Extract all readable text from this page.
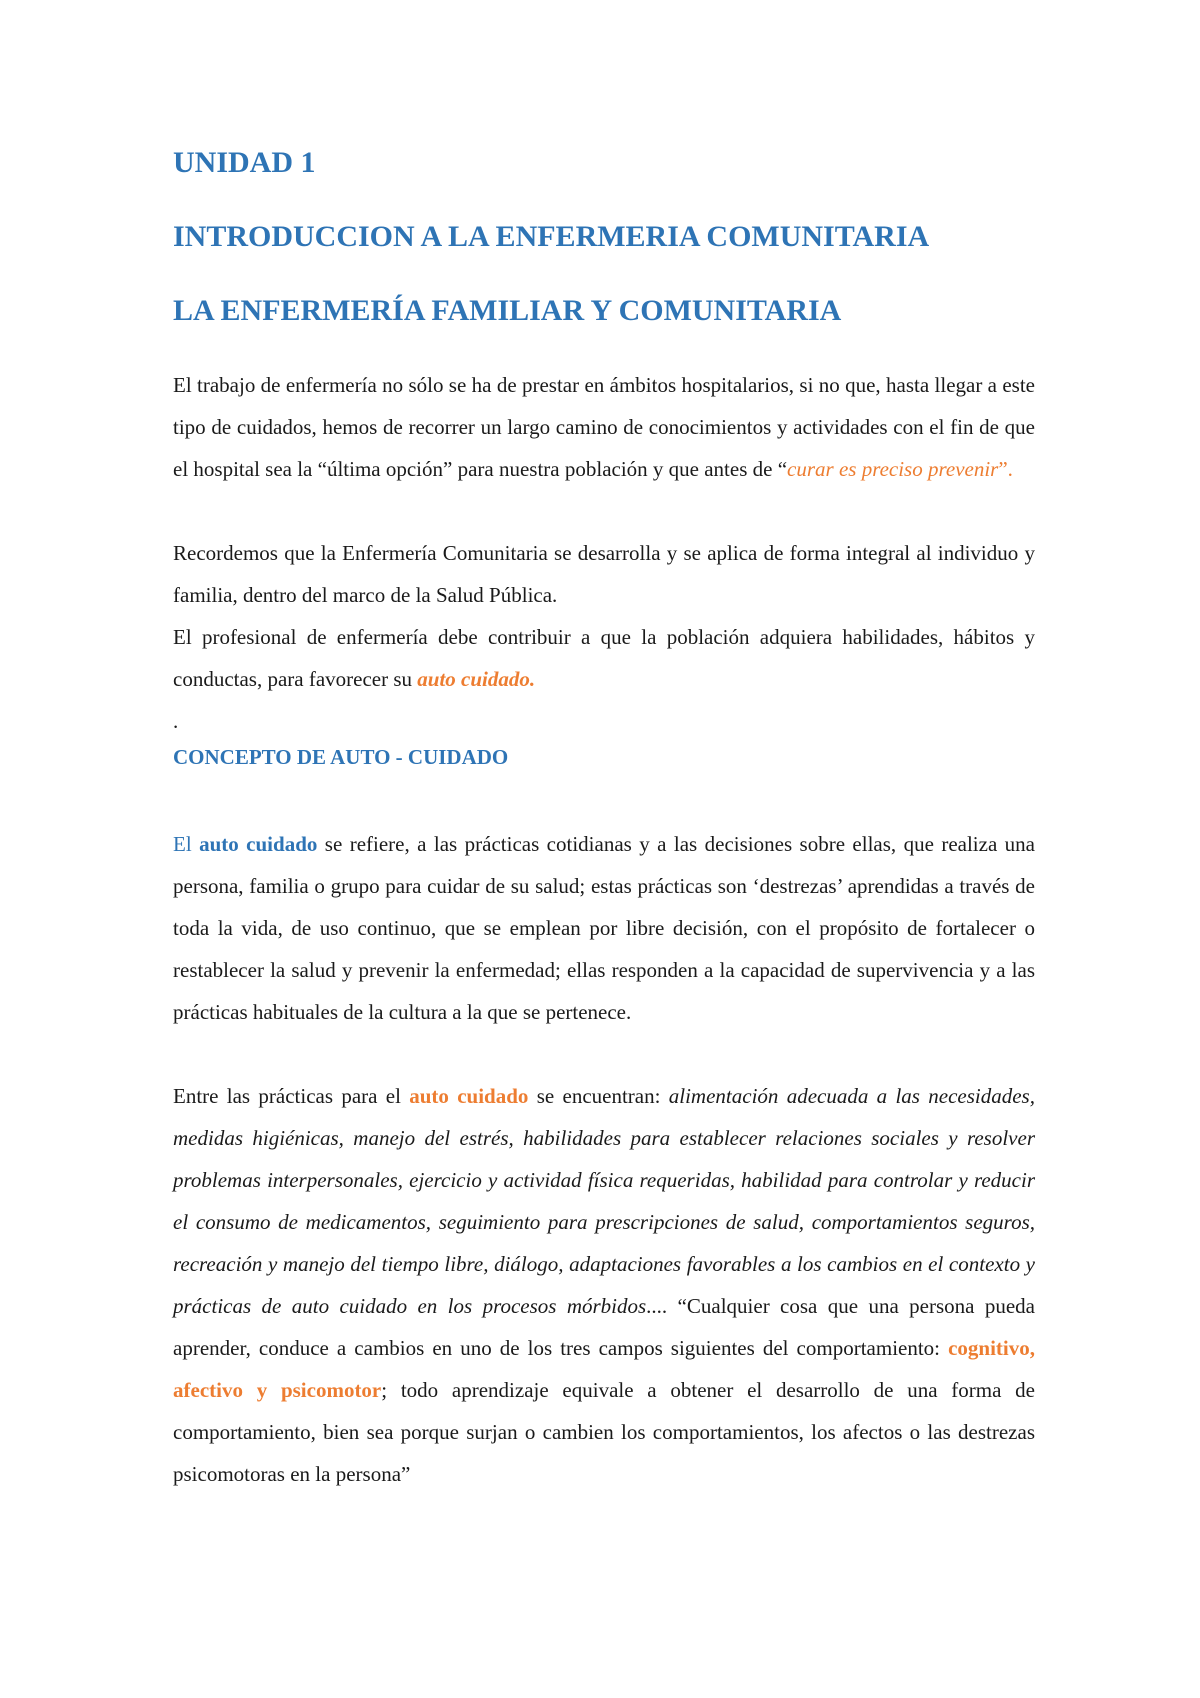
UNIDAD 1
INTRODUCCION A LA ENFERMERIA COMUNITARIA
LA ENFERMERÍA FAMILIAR Y COMUNITARIA

El trabajo de enfermería no sólo se ha de prestar en ámbitos hospitalarios, si no que, hasta llegar a este tipo de cuidados, hemos de recorrer un largo camino de conocimientos y actividades con el fin de que el hospital sea la “última opción” para nuestra población y que antes de “curar es preciso prevenir”.

Recordemos que la Enfermería Comunitaria se desarrolla y se aplica de forma integral al individuo y familia, dentro del marco de la Salud Pública.

El profesional de enfermería debe contribuir a que la población adquiera habilidades, hábitos y conductas, para favorecer su auto cuidado.

.

CONCEPTO DE AUTO - CUIDADO

El auto cuidado se refiere, a las prácticas cotidianas y a las decisiones sobre ellas, que realiza una persona, familia o grupo para cuidar de su salud; estas prácticas son ‘destrezas’ aprendidas a través de toda la vida, de uso continuo, que se emplean por libre decisión, con el propósito de fortalecer o restablecer la salud y prevenir la enfermedad; ellas responden a la capacidad de supervivencia y a las prácticas habituales de la cultura a la que se pertenece.

Entre las prácticas para el auto cuidado se encuentran: alimentación adecuada a las necesidades, medidas higiénicas, manejo del estrés, habilidades para establecer relaciones sociales y resolver problemas interpersonales, ejercicio y actividad física requeridas, habilidad para controlar y reducir el consumo de medicamentos, seguimiento para prescripciones de salud, comportamientos seguros, recreación y manejo del tiempo libre, diálogo, adaptaciones favorables a los cambios en el contexto y prácticas de auto cuidado en los procesos mórbidos.... “Cualquier cosa que una persona pueda aprender, conduce a cambios en uno de los tres campos siguientes del comportamiento: cognitivo, afectivo y psicomotor; todo aprendizaje equivale a obtener el desarrollo de una forma de comportamiento, bien sea porque surjan o cambien los comportamientos, los afectos o las destrezas psicomotoras en la persona”
